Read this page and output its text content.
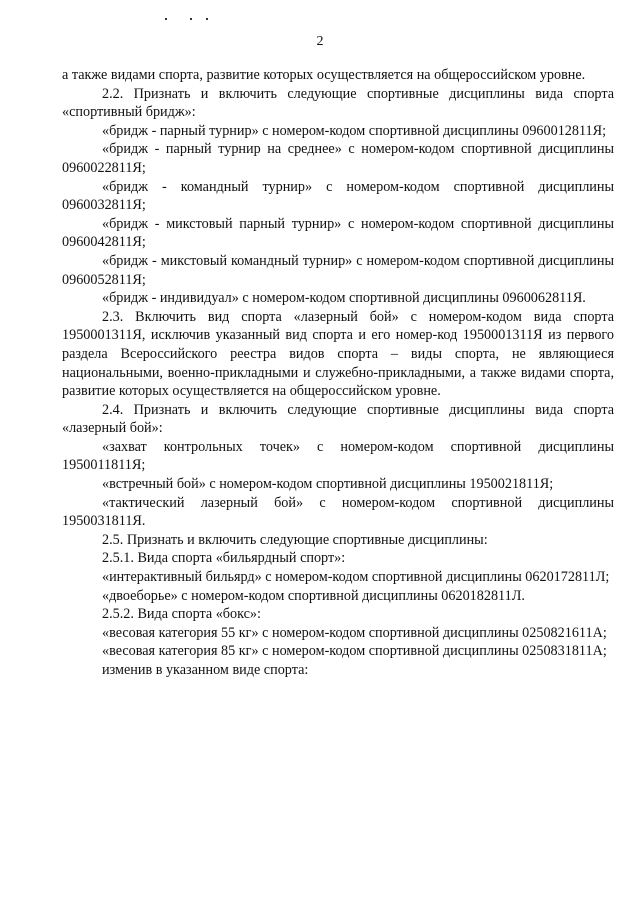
2

а также видами спорта, развитие которых осуществляется на общероссийском уровне.

2.2. Признать и включить следующие спортивные дисциплины вида спорта «спортивный бридж»:

«бридж - парный турнир» с номером-кодом спортивной дисциплины 0960012811Я;

«бридж - парный турнир на среднее» с номером-кодом спортивной дисциплины 0960022811Я;

«бридж - командный турнир» с номером-кодом спортивной дисциплины 0960032811Я;

«бридж - микстовый парный турнир» с номером-кодом спортивной дисциплины 0960042811Я;

«бридж - микстовый командный турнир» с номером-кодом спортивной дисциплины 0960052811Я;

«бридж - индивидуал» с номером-кодом спортивной дисциплины 0960062811Я.

2.3. Включить вид спорта «лазерный бой» с номером-кодом вида спорта 1950001311Я, исключив указанный вид спорта и его номер-код 1950001311Я из первого раздела Всероссийского реестра видов спорта – виды спорта, не являющиеся национальными, военно-прикладными и служебно-прикладными, а также видами спорта, развитие которых осуществляется на общероссийском уровне.

2.4. Признать и включить следующие спортивные дисциплины вида спорта «лазерный бой»:

«захват контрольных точек» с номером-кодом спортивной дисциплины 1950011811Я;

«встречный бой» с номером-кодом спортивной дисциплины 1950021811Я;

«тактический лазерный бой» с номером-кодом спортивной дисциплины 1950031811Я.

2.5. Признать и включить следующие спортивные дисциплины:

2.5.1. Вида спорта «бильярдный спорт»:

«интерактивный бильярд» с номером-кодом спортивной дисциплины 0620172811Л;

«двоеборье» с номером-кодом спортивной дисциплины 0620182811Л.

2.5.2. Вида спорта «бокс»:

«весовая категория 55 кг» с номером-кодом спортивной дисциплины 0250821611А;

«весовая категория 85 кг» с номером-кодом спортивной дисциплины 0250831811А;

изменив в указанном виде спорта:
